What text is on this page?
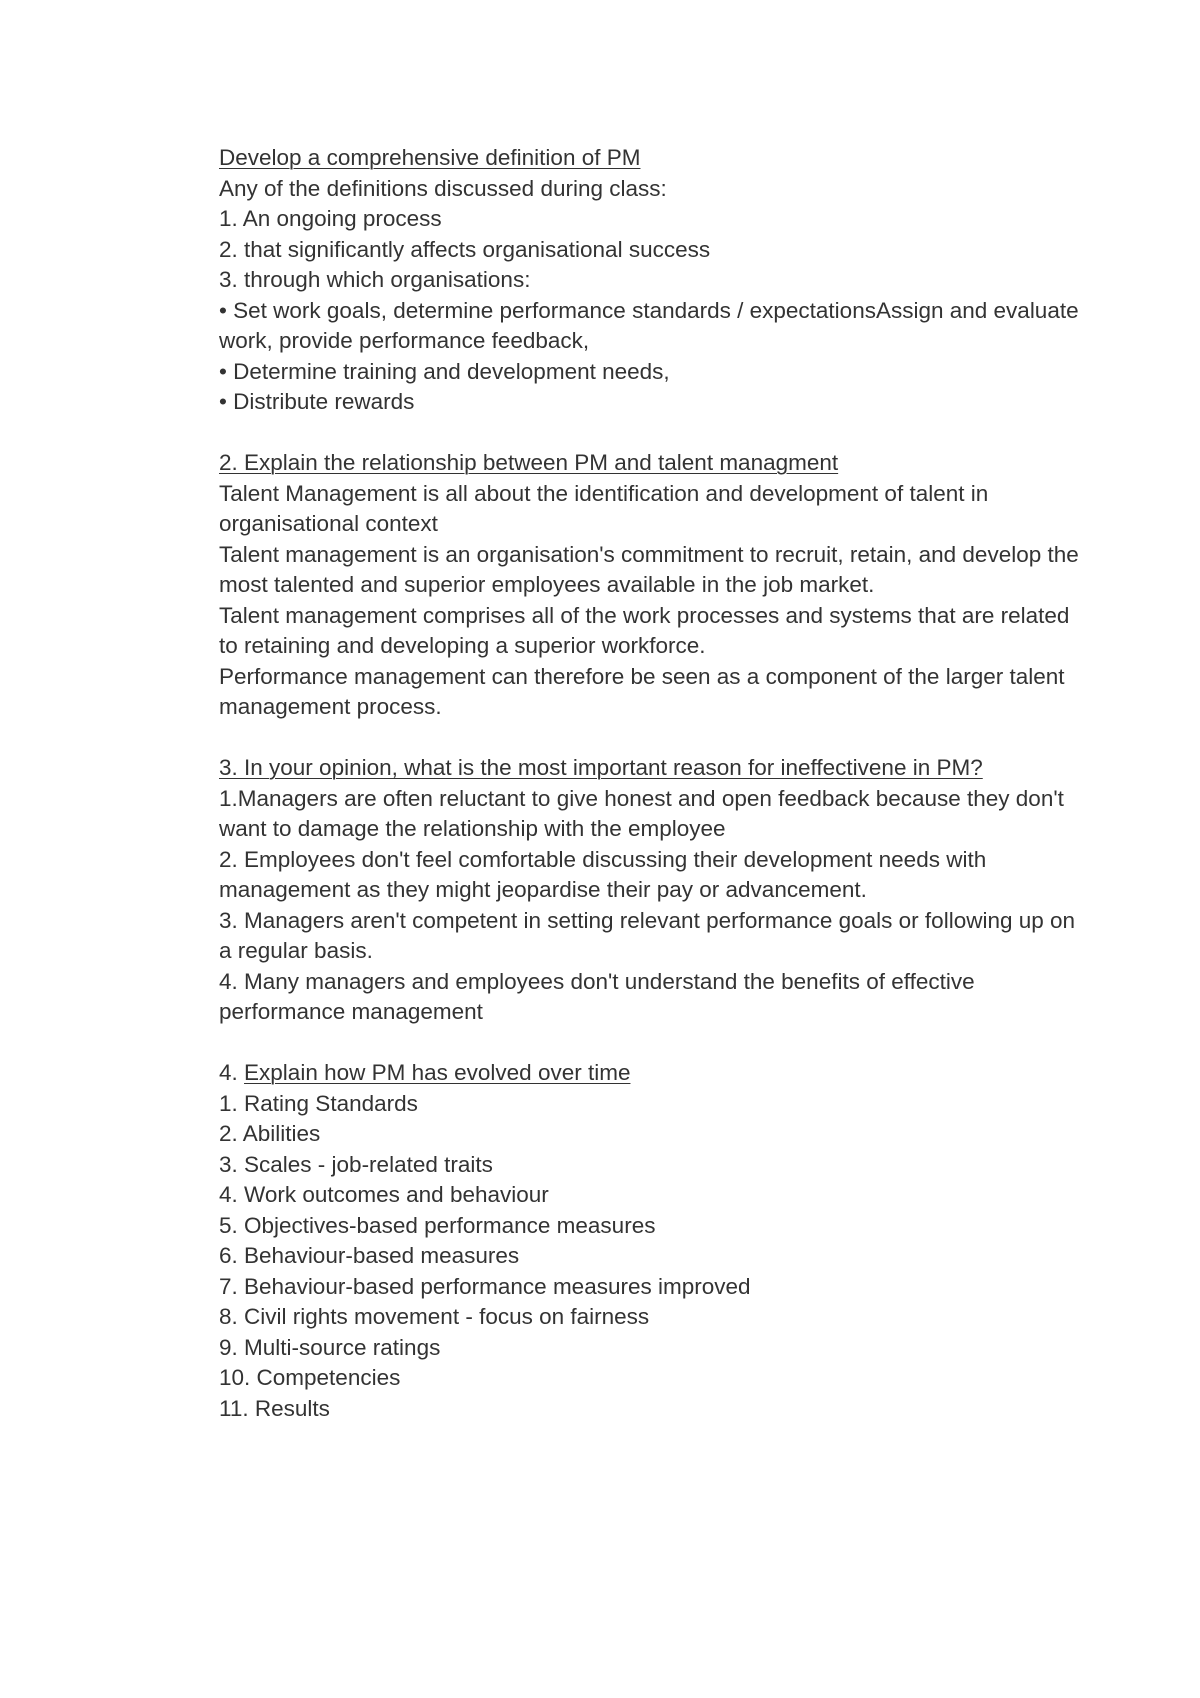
Develop a comprehensive definition of PM
Any of the definitions discussed during class:
1. An ongoing process
2. that significantly affects organisational success
3. through which organisations:
• Set work goals, determine performance standards / expectationsAssign and evaluate work, provide performance feedback,
• Determine training and development needs,
• Distribute rewards
2. Explain the relationship between PM and talent managment
Talent Management is all about the identification and development of talent in organisational context
Talent management is an organisation's commitment to recruit, retain, and develop the most talented and superior employees available in the job market.
Talent management comprises all of the work processes and systems that are related to retaining and developing a superior workforce.
Performance management can therefore be seen as a component of the larger talent management process.
3. In your opinion, what is the most important reason for ineffectivene in PM?
1.Managers are often reluctant to give honest and open feedback because they don't want to damage the relationship with the employee
2. Employees don't feel comfortable discussing their development needs with management as they might jeopardise their pay or advancement.
3. Managers aren't competent in setting relevant performance goals or following up on a regular basis.
4. Many managers and employees don't understand the benefits of effective performance management
4. Explain how PM has evolved over time
1. Rating Standards
2. Abilities
3. Scales - job-related traits
4. Work outcomes and behaviour
5. Objectives-based performance measures
6. Behaviour-based measures
7. Behaviour-based performance measures improved
8. Civil rights movement - focus on fairness
9. Multi-source ratings
10. Competencies
11. Results
